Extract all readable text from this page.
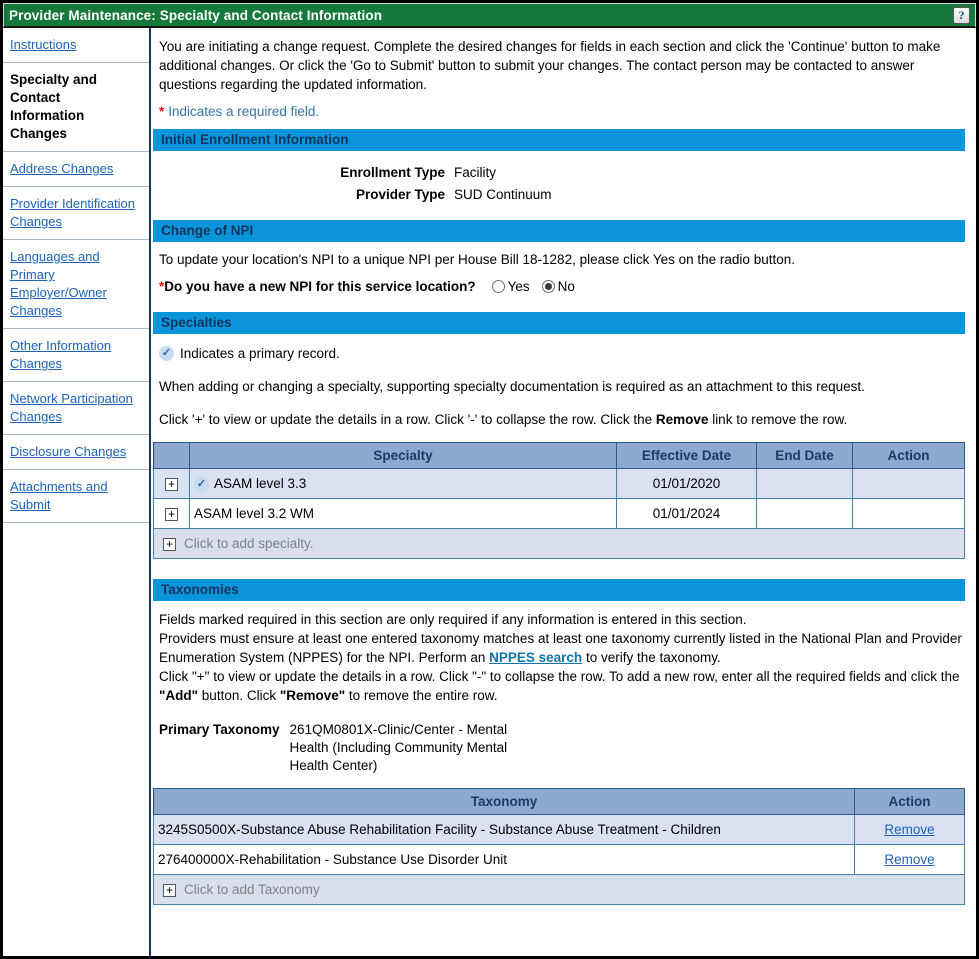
Provider Maintenance: Specialty and Contact Information	?
Instructions
Specialty and Contact Information Changes
Address Changes
Provider Identification Changes
Languages and Primary Employer/Owner Changes
Other Information Changes
Network Participation Changes
Disclosure Changes
Attachments and Submit
You are initiating a change request. Complete the desired changes for fields in each section and click the 'Continue' button to make additional changes. Or click the 'Go to Submit' button to submit your changes. The contact person may be contacted to answer questions regarding the updated information.
* Indicates a required field.
Initial Enrollment Information
Enrollment Type Facility
Provider Type SUD Continuum
Change of NPI
To update your location's NPI to a unique NPI per House Bill 18-1282, please click Yes on the radio button.
* Do you have a new NPI for this service location? Yes No
Specialties
✓
Indicates a primary record.
When adding or changing a specialty, supporting specialty documentation is required as an attachment to this request.
Click '+' to view or update the details in a row. Click '-' to collapse the row. Click the Remove link to remove the row.
	Specialty	Effective Date	End Date	Action
+	✓ASAM level 3.3	01/01/2020		
+	ASAM level 3.2 WM	01/01/2024		
+Click to add specialty.
Taxonomies
Fields marked required in this section are only required if any information is entered in this section.
Providers must ensure at least one entered taxonomy matches at least one taxonomy currently listed in the National Plan and Provider Enumeration System (NPPES) for the NPI. Perform an NPPES search to verify the taxonomy.
Click "+" to view or update the details in a row. Click "-" to collapse the row. To add a new row, enter all the required fields and click the "Add" button. Click "Remove" to remove the entire row.
Primary Taxonomy 261QM0801X-Clinic/Center - Mental Health (Including Community Mental Health Center)
Taxonomy	Action
3245S0500X-Substance Abuse Rehabilitation Facility - Substance Abuse Treatment - Children	Remove
276400000X-Rehabilitation - Substance Use Disorder Unit	Remove
+Click to add Taxonomy
